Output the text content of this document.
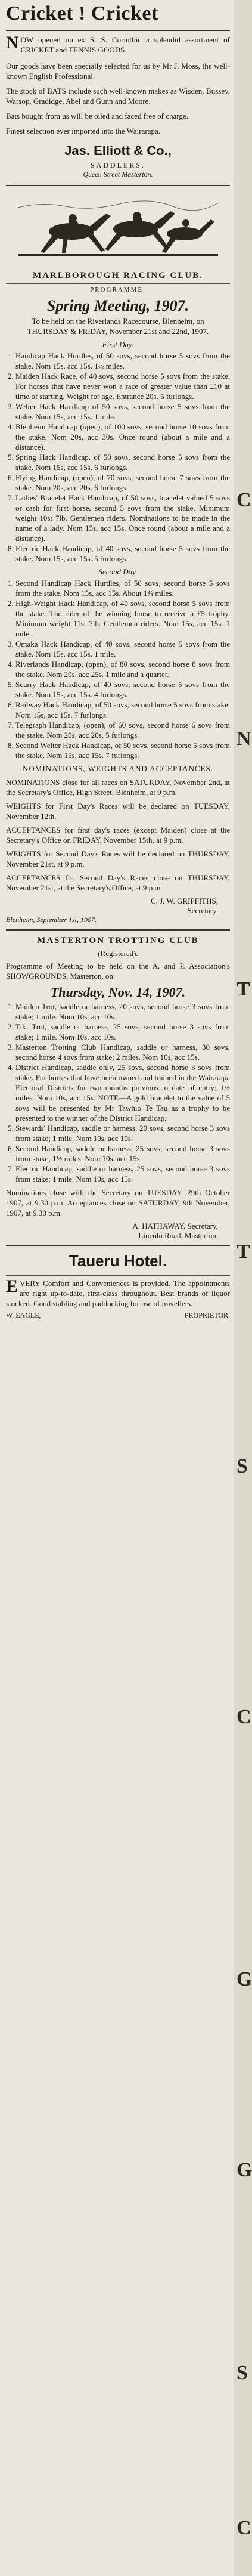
C
N
T
T
S
C
G
G
S
C
Cricket ! Cricket

NOW opened up ex S. S. Corinthic a splendid assortment of CRICKET and TENNIS GOODS.

Our goods have been specially selected for us by Mr J. Moss, the well-known English Professional.

The stock of BATS include such well-known makes as Wisden, Bussey, Warsop, Gradidge, Abel and Gunn and Moore.

Bats bought from us will be oiled and faced free of charge.

Finest selection ever imported into the Wairarapa.

Jas. Elliott & Co.,
SADDLERS.
Queen Street Masterton.
MARLBOROUGH RACING CLUB.
PROGRAMME.
Spring Meeting, 1907.
To be held on the Riverlands Racecourse, Blenheim, on
THURSDAY & FRIDAY, November 21st and 22nd, 1907.
First Day.
1. Handicap Hack Hurdles, of 50 sovs, second horse 5 sovs from the stake. Nom 15s, acc 15s. 1½ miles.
2. Maiden Hack Race, of 40 sovs, second horse 5 sovs from the stake. For horses that have never won a race of greater value than £10 at time of starting. Weight for age. Entrance 20s. 5 furlongs.
3. Welter Hack Handicap of 50 sovs, second horse 5 sovs from the stake. Nom 15s, acc 15s. 1 mile.
4. Blenheim Handicap (open), of 100 sovs, second horse 10 sovs from the stake. Nom 20s, acc 30s. Once round (about a mile and a distance).
5. Spring Hack Handicap, of 50 sovs, second horse 5 sovs from the stake. Nom 15s, acc 15s. 6 furlongs.
6. Flying Handicap, (open), of 70 sovs, second horse 7 sovs from the stake. Nom 20s, acc 20s. 6 furlongs.
7. Ladies' Bracelet Hack Handicap, of 50 sovs, bracelet valued 5 sovs or cash for first horse, second 5 sovs from the stake. Minimum weight 10st 7lb. Gentlemen riders. Nominations to be made in the name of a lady. Nom 15s, acc 15s. Once round (about a mile and a distance).
8. Electric Hack Handicap, of 40 sovs, second horse 5 sovs from the stake. Nom 15s, acc 15s. 5 furlongs.
Second Day.
1. Second Handicap Hack Hurdles, of 50 sovs, second horse 5 sovs from the stake. Nom 15s, acc 15s. About 1¾ miles.
2. High-Weight Hack Handicap, of 40 sovs, second horse 5 sovs from the stake. The rider of the winning horse to receive a £5 trophy. Minimum weight 11st 7lb. Gentlemen riders. Nom 15s, acc 15s. 1 mile.
3. Omaka Hack Handicap, of 40 sovs, second horse 5 sovs from the stake. Nom 15s, acc 15s. 1 mile.
4. Riverlands Handicap, (open), of 80 sovs, second horse 8 sovs from the stake. Nom 20s, acc 25s. 1 mile and a quarter.
5. Scurry Hack Handicap, of 40 sovs, second horse 5 sovs from the stake. Nom 15s, acc 15s. 4 furlongs.
6. Railway Hack Handicap, of 50 sovs, second horse 5 sovs from stake. Nom 15s, acc 15s. 7 furlongs.
7. Telegraph Handicap, (open), of 60 sovs, second horse 6 sovs from the stake. Nom 20s, acc 20s. 5 furlongs.
8. Second Welter Hack Handicap, of 50 sovs, second horse 5 sovs from the stake. Nom 15s, acc 15s. 7 furlongs.
NOMINATIONS, WEIGHTS AND ACCEPTANCES.

NOMINATIONS close for all races on SATURDAY, November 2nd, at the Secretary's Office, High Street, Blenheim, at 9 p.m.

WEIGHTS for First Day's Races will be declared on TUESDAY, November 12th.

ACCEPTANCES for first day's races (except Maiden) close at the Secretary's Office on FRIDAY, November 15th, at 9 p.m.

WEIGHTS for Second Day's Races will be declared on THURSDAY, November 21st, at 9 p.m.

ACCEPTANCES for Second Day's Races close on THURSDAY, November 21st, at the Secretary's Office, at 9 p.m.

C. J. W. GRIFFITHS,
Secretary.
Blenheim, September 1st, 1907.
MASTERTON TROTTING CLUB
(Registered).

Programme of Meeting to be held on the A. and P. Association's SHOWGROUNDS, Masterton, on

Thursday, Nov. 14, 1907.
1. Maiden Trot, saddle or harness, 20 sovs, second horse 3 sovs from stake; 1 mile. Nom 10s, acc 10s.
2. Tiki Trot, saddle or harness, 25 sovs, second horse 3 sovs from stake; 1 mile. Nom 10s, acc 10s.
3. Masterton Trotting Club Handicap, saddle or harness, 30 sovs, second horse 4 sovs from stake; 2 miles. Nom 10s, acc 15s.
4. District Handicap, saddle only, 25 sovs, second horse 3 sovs from stake. For horses that have been owned and trained in the Wairarapa Electoral Districts for two months previous to date of entry; 1½ miles. Nom 10s, acc 15s. NOTE—A gold bracelet to the value of 5 sovs will be presented by Mr Tawhio Te Tau as a trophy to be presented to the winner of the District Handicap.
5. Stewards' Handicap, saddle or harness, 20 sovs, second horse 3 sovs from stake; 1 mile. Nom 10s, acc 10s.
6. Second Handicap, saddle or harness, 25 sovs, second horse 3 sovs from stake; 1½ miles. Nom 10s, acc 15s.
7. Electric Handicap, saddle or harness, 25 sovs, second horse 3 sovs from stake; 1 mile. Nom 10s, acc 15s.

Nominations close with the Secretary on TUESDAY, 29th October 1907, at 9.30 p.m. Acceptances close on SATURDAY, 9th November, 1907, at 9.30 p.m.

A. HATHAWAY, Secretary,
Lincoln Road, Masterton.
Taueru Hotel.

EVERY Comfort and Conveniences is provided. The appointments are right up-to-date, first-class throughout. Best brands of liquor stocked. Good stabling and paddocking for use of travellers.

W. EAGLE,	PROPRIETOR.
